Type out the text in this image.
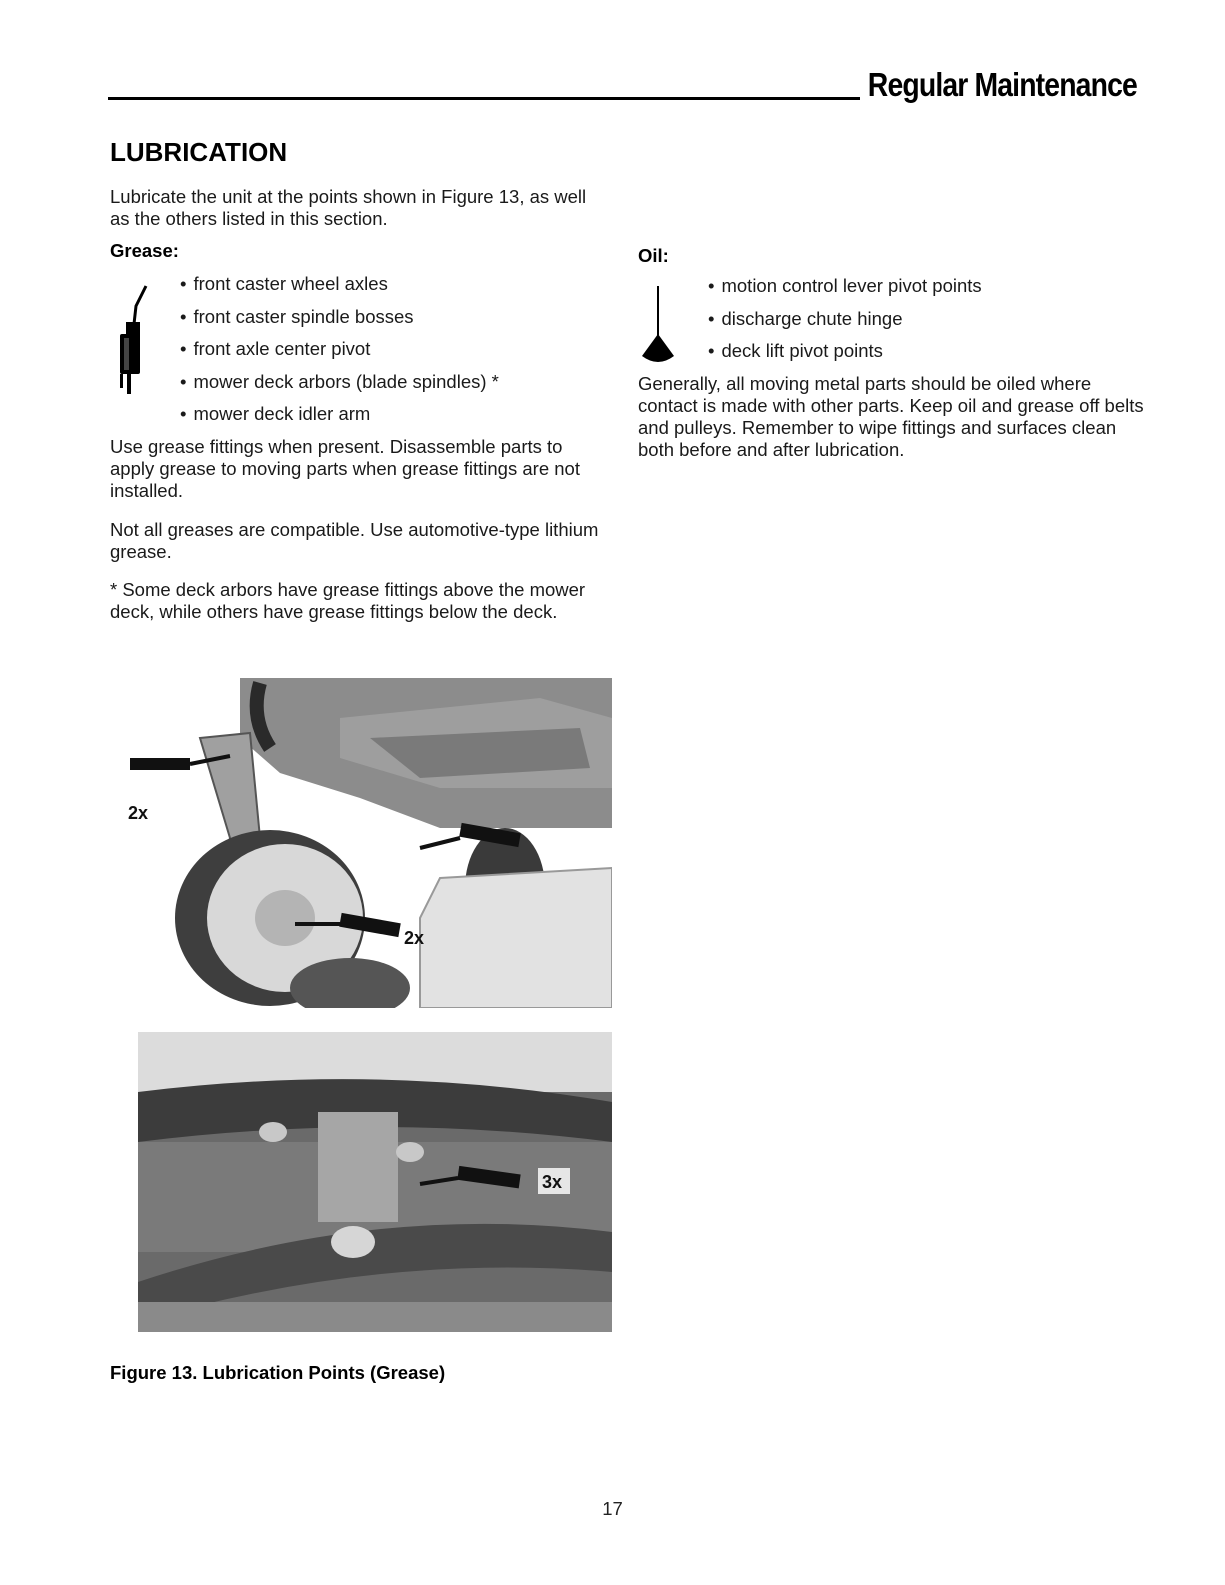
Regular Maintenance
LUBRICATION
Lubricate the unit at the points shown in Figure 13, as well as the others listed in this section.
Grease:
• front caster wheel axles
• front caster spindle bosses
• front axle center pivot
• mower deck arbors (blade spindles) *
• mower deck idler arm
Use grease fittings when present. Disassemble parts to apply grease to moving parts when grease fittings are not installed.
Not all greases are compatible. Use automotive-type lithium grease.
* Some deck arbors have grease fittings above the mower deck, while others have grease fittings below the deck.
Oil:
• motion control lever pivot points
• discharge chute hinge
• deck lift pivot points
Generally, all moving metal parts should be oiled where contact is made with other parts. Keep oil and grease off belts and pulleys. Remember to wipe fittings and surfaces clean both before and after lubrication.
2x
2x
3x
Figure 13. Lubrication Points (Grease)
17
